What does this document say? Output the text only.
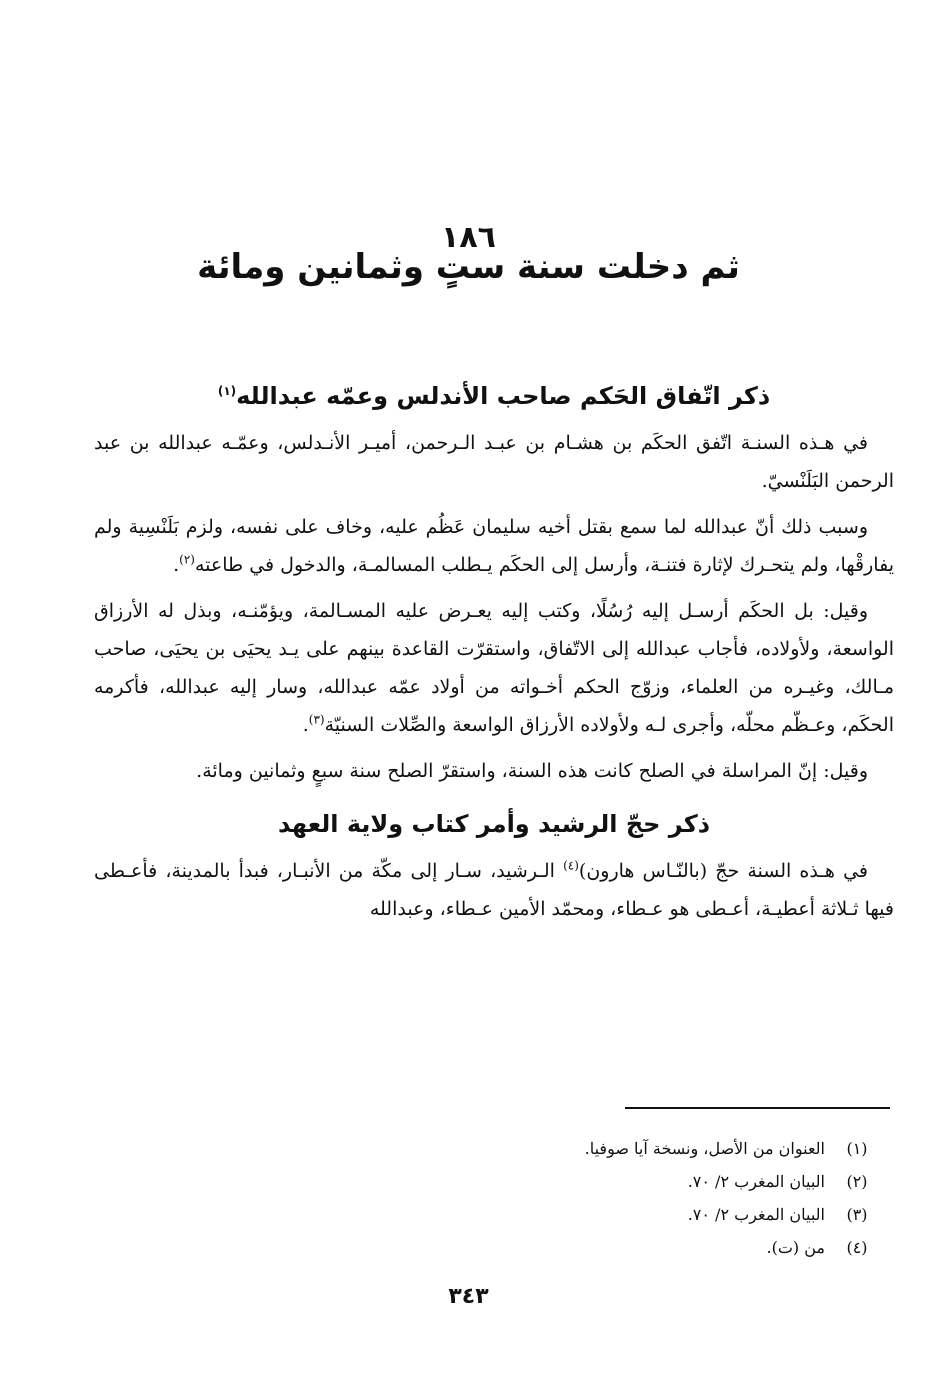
١٨٦
ثم دخلت سنة ستٍ وثمانين ومائة
ذكر اتّفاق الحَكم صاحب الأندلس وعمّه عبدالله$^{(١)}$

في هـذه السنـة اتّفق الحكَم بن هشـام بن عبـد الـرحمن، أميـر الأنـدلس، وعمّـه عبدالله بن عبد الرحمن البَلَنْسيّ.

وسبب ذلك أنّ عبدالله لما سمع بقتل أخيه سليمان عَظُم عليه، وخاف على نفسه، ولزم بَلَنْسِية ولم يفارقْها، ولم يتحـرك لإثارة فتنـة، وأرسل إلى الحكَم يـطلب المسالمـة، والدخول في طاعته$^{(٢)}$.

وقيل: بل الحكَم أرسـل إليه رُسُلًا، وكتب إليه يعـرض عليه المسـالمة، ويؤمّنـه، وبذل له الأرزاق الواسعة، ولأولاده، فأجاب عبدالله إلى الاتّفاق، واستقرّت القاعدة بينهم على يـد يحيَى بن يحيَى، صاحب مـالك، وغيـره من العلماء، وزوّج الحكم أخـواته من أولاد عمّه عبدالله، وسار إليه عبدالله، فأكرمه الحكَم، وعـظّم محلّه، وأجرى لـه ولأولاده الأرزاق الواسعة والصِّلات السنيّة$^{(٣)}$.

وقيل: إنّ المراسلة في الصلح كانت هذه السنة، واستقرّ الصلح سنة سبعٍ وثمانين ومائة.

ذكر حجّ الرشيد وأمر كتاب ولاية العهد

في هـذه السنة حجّ (بالنّـاس هارون)$^{(٤)}$ الـرشيد، سـار إلى مكّة من الأنبـار، فبدأ بالمدينة، فأعـطى فيها ثـلاثة أعطيـة، أعـطى هو عـطاء، ومحمّد الأمين عـطاء، وعبدالله

(١)
العنوان من الأصل، ونسخة آيا صوفيا.
(٢)
البيان المغرب ٢/ ٧٠.
(٣)
البيان المغرب ٢/ ٧٠.
(٤)
من (ت).
٣٤٣
